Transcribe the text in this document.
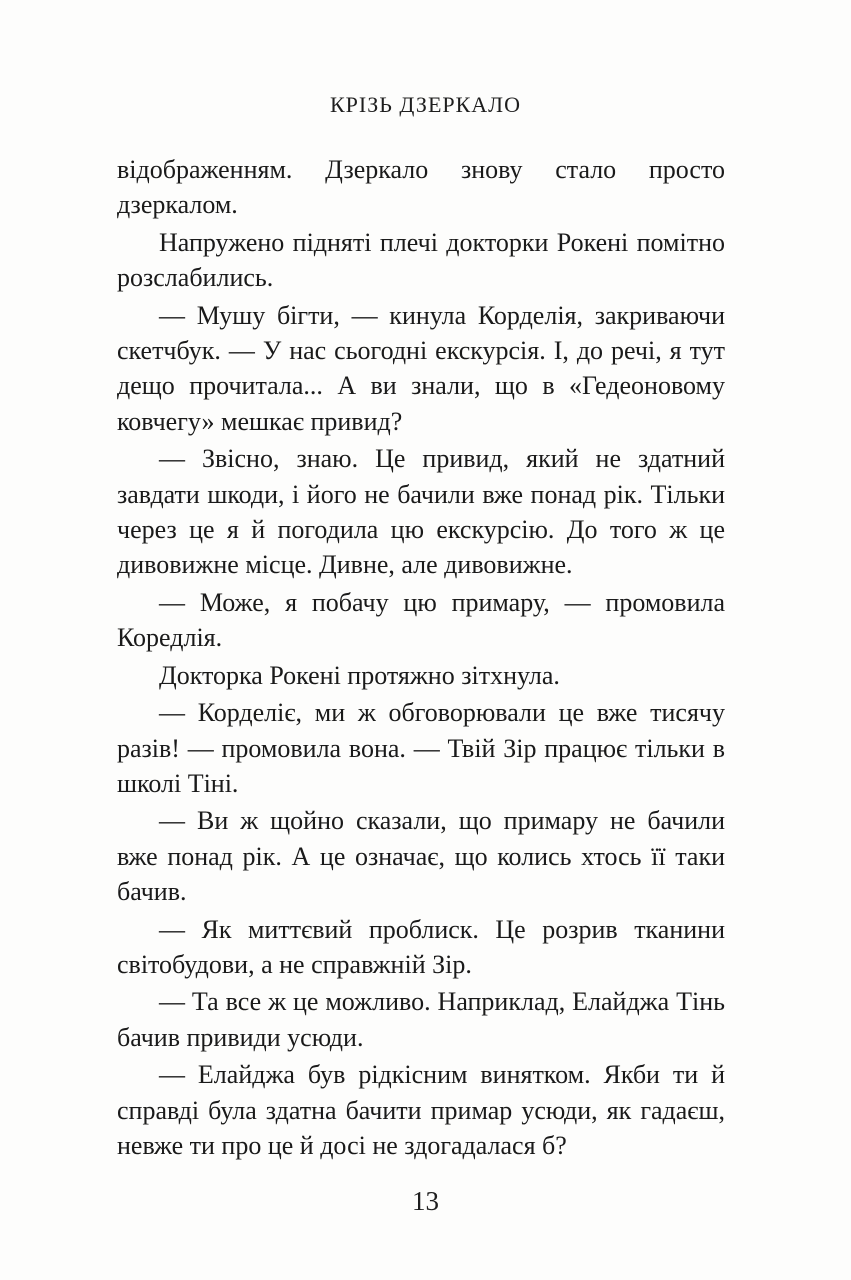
КРІЗЬ ДЗЕРКАЛО

відображенням. Дзеркало знову стало просто дзеркалом.

Напружено підняті плечі докторки Рокені помітно розслабились.

— Мушу бігти, — кинула Корделія, закриваючи скетчбук. — У нас сьогодні екскурсія. І, до речі, я тут дещо прочитала... А ви знали, що в «Гедеоновому ковчегу» мешкає привид?

— Звісно, знаю. Це привид, який не здатний завдати шкоди, і його не бачили вже понад рік. Тільки через це я й погодила цю екскурсію. До того ж це дивовижне місце. Дивне, але дивовижне.

— Може, я побачу цю примару, — промовила Коредлія.

Докторка Рокені протяжно зітхнула.

— Корделіє, ми ж обговорювали це вже тисячу разів! — промовила вона. — Твій Зір працює тільки в школі Тіні.

— Ви ж щойно сказали, що примару не бачили вже понад рік. А це означає, що колись хтось її таки бачив.

— Як миттєвий проблиск. Це розрив тканини світобудови, а не справжній Зір.

— Та все ж це можливо. Наприклад, Елайджа Тінь бачив привиди усюди.

— Елайджа був рідкісним винятком. Якби ти й справді була здатна бачити примар усюди, як гадаєш, невже ти про це й досі не здогадалася б?

13
